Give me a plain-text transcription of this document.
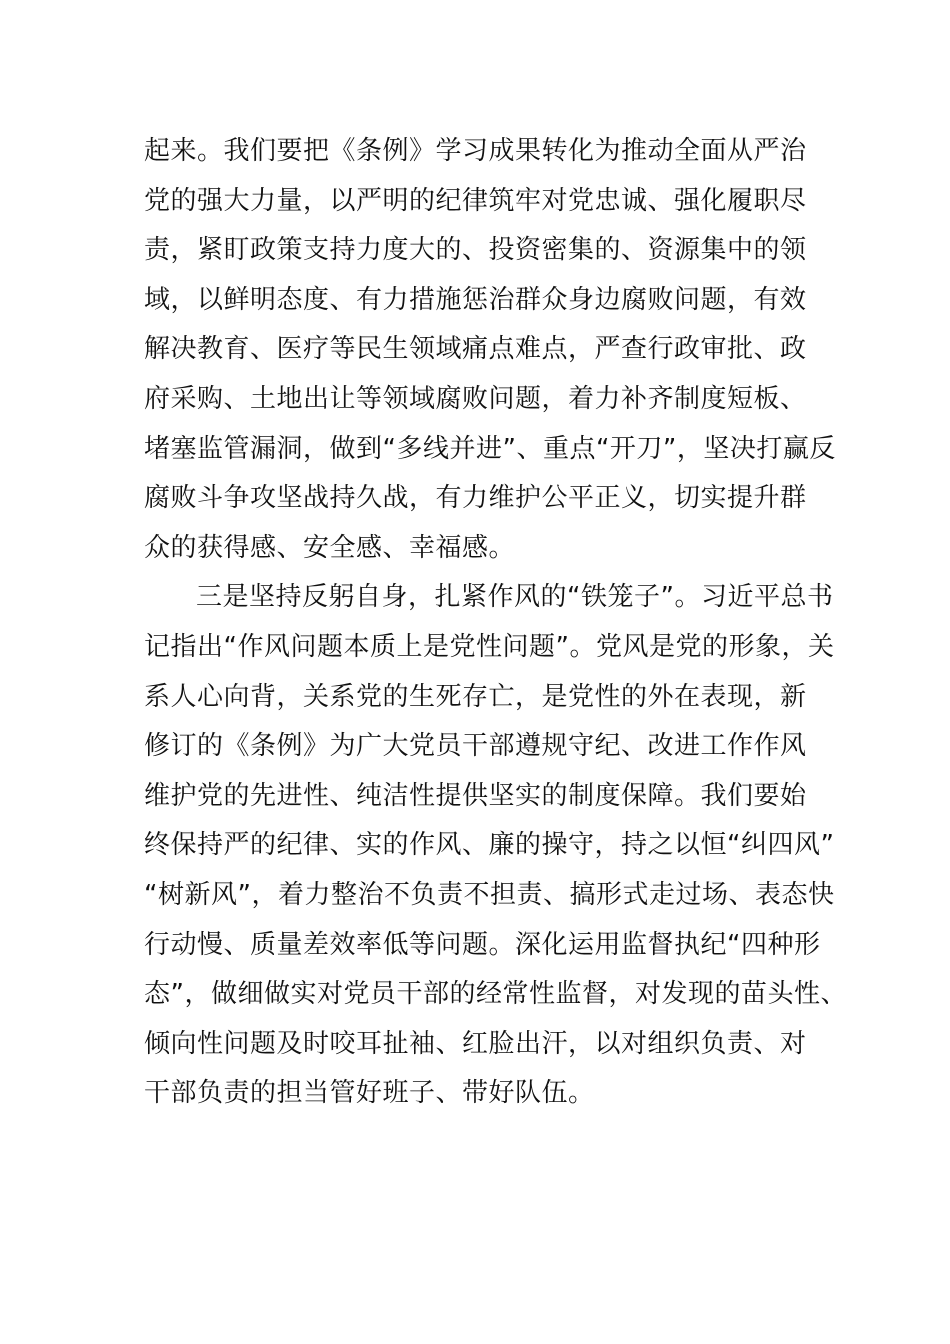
起来。我们要把《条例》学习成果转化为推动全面从严治
党的强大力量，以严明的纪律筑牢对党忠诚、强化履职尽
责，紧盯政策支持力度大的、投资密集的、资源集中的领
域，以鲜明态度、有力措施惩治群众身边腐败问题，有效
解决教育、医疗等民生领域痛点难点，严查行政审批、政
府采购、土地出让等领域腐败问题，着力补齐制度短板、
堵塞监管漏洞，做到“多线并进”、重点“开刀”，坚决打赢反
腐败斗争攻坚战持久战，有力维护公平正义，切实提升群
众的获得感、安全感、幸福感。
三是坚持反躬自身，扎紧作风的“铁笼子”。习近平总书
记指出“作风问题本质上是党性问题”。党风是党的形象，关
系人心向背，关系党的生死存亡，是党性的外在表现，新
修订的《条例》为广大党员干部遵规守纪、改进工作作风
维护党的先进性、纯洁性提供坚实的制度保障。我们要始
终保持严的纪律、实的作风、廉的操守，持之以恒“纠四风”
“树新风”，着力整治不负责不担责、搞形式走过场、表态快
行动慢、质量差效率低等问题。深化运用监督执纪“四种形
态”，做细做实对党员干部的经常性监督，对发现的苗头性、
倾向性问题及时咬耳扯袖、红脸出汗，以对组织负责、对
干部负责的担当管好班子、带好队伍。
